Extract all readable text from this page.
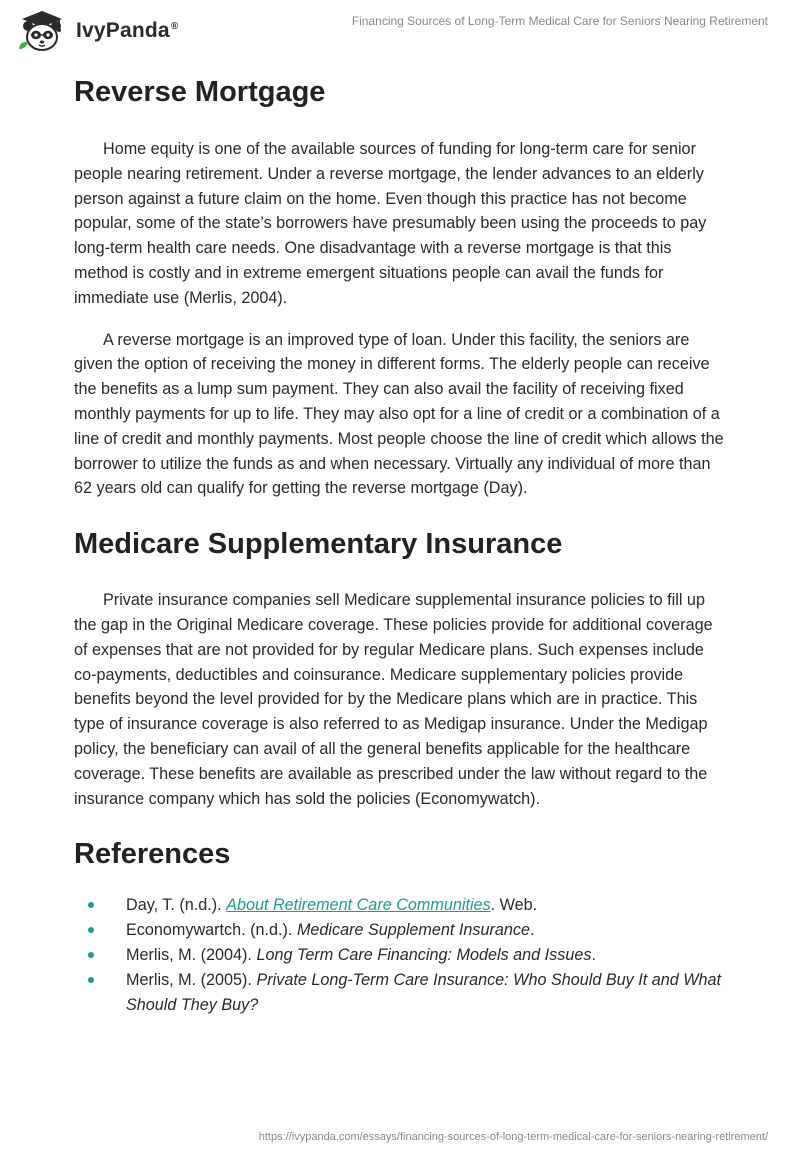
IvyPanda®	Financing Sources of Long-Term Medical Care for Seniors Nearing Retirement
Reverse Mortgage

Home equity is one of the available sources of funding for long-term care for senior people nearing retirement. Under a reverse mortgage, the lender advances to an elderly person against a future claim on the home. Even though this practice has not become popular, some of the state’s borrowers have presumably been using the proceeds to pay long-term health care needs. One disadvantage with a reverse mortgage is that this method is costly and in extreme emergent situations people can avail the funds for immediate use (Merlis, 2004).

A reverse mortgage is an improved type of loan. Under this facility, the seniors are given the option of receiving the money in different forms. The elderly people can receive the benefits as a lump sum payment. They can also avail the facility of receiving fixed monthly payments for up to life. They may also opt for a line of credit or a combination of a line of credit and monthly payments. Most people choose the line of credit which allows the borrower to utilize the funds as and when necessary. Virtually any individual of more than 62 years old can qualify for getting the reverse mortgage (Day).

Medicare Supplementary Insurance

Private insurance companies sell Medicare supplemental insurance policies to fill up the gap in the Original Medicare coverage. These policies provide for additional coverage of expenses that are not provided for by regular Medicare plans. Such expenses include co-payments, deductibles and coinsurance. Medicare supplementary policies provide benefits beyond the level provided for by the Medicare plans which are in practice. This type of insurance coverage is also referred to as Medigap insurance. Under the Medigap policy, the beneficiary can avail of all the general benefits applicable for the healthcare coverage. These benefits are available as prescribed under the law without regard to the insurance company which has sold the policies (Economywatch).

References
Day, T. (n.d.). About Retirement Care Communities. Web.
Economywartch. (n.d.). Medicare Supplement Insurance.
Merlis, M. (2004). Long Term Care Financing: Models and Issues.
Merlis, M. (2005). Private Long-Term Care Insurance: Who Should Buy It and What Should They Buy?
https://ivypanda.com/essays/financing-sources-of-long-term-medical-care-for-seniors-nearing-retirement/
